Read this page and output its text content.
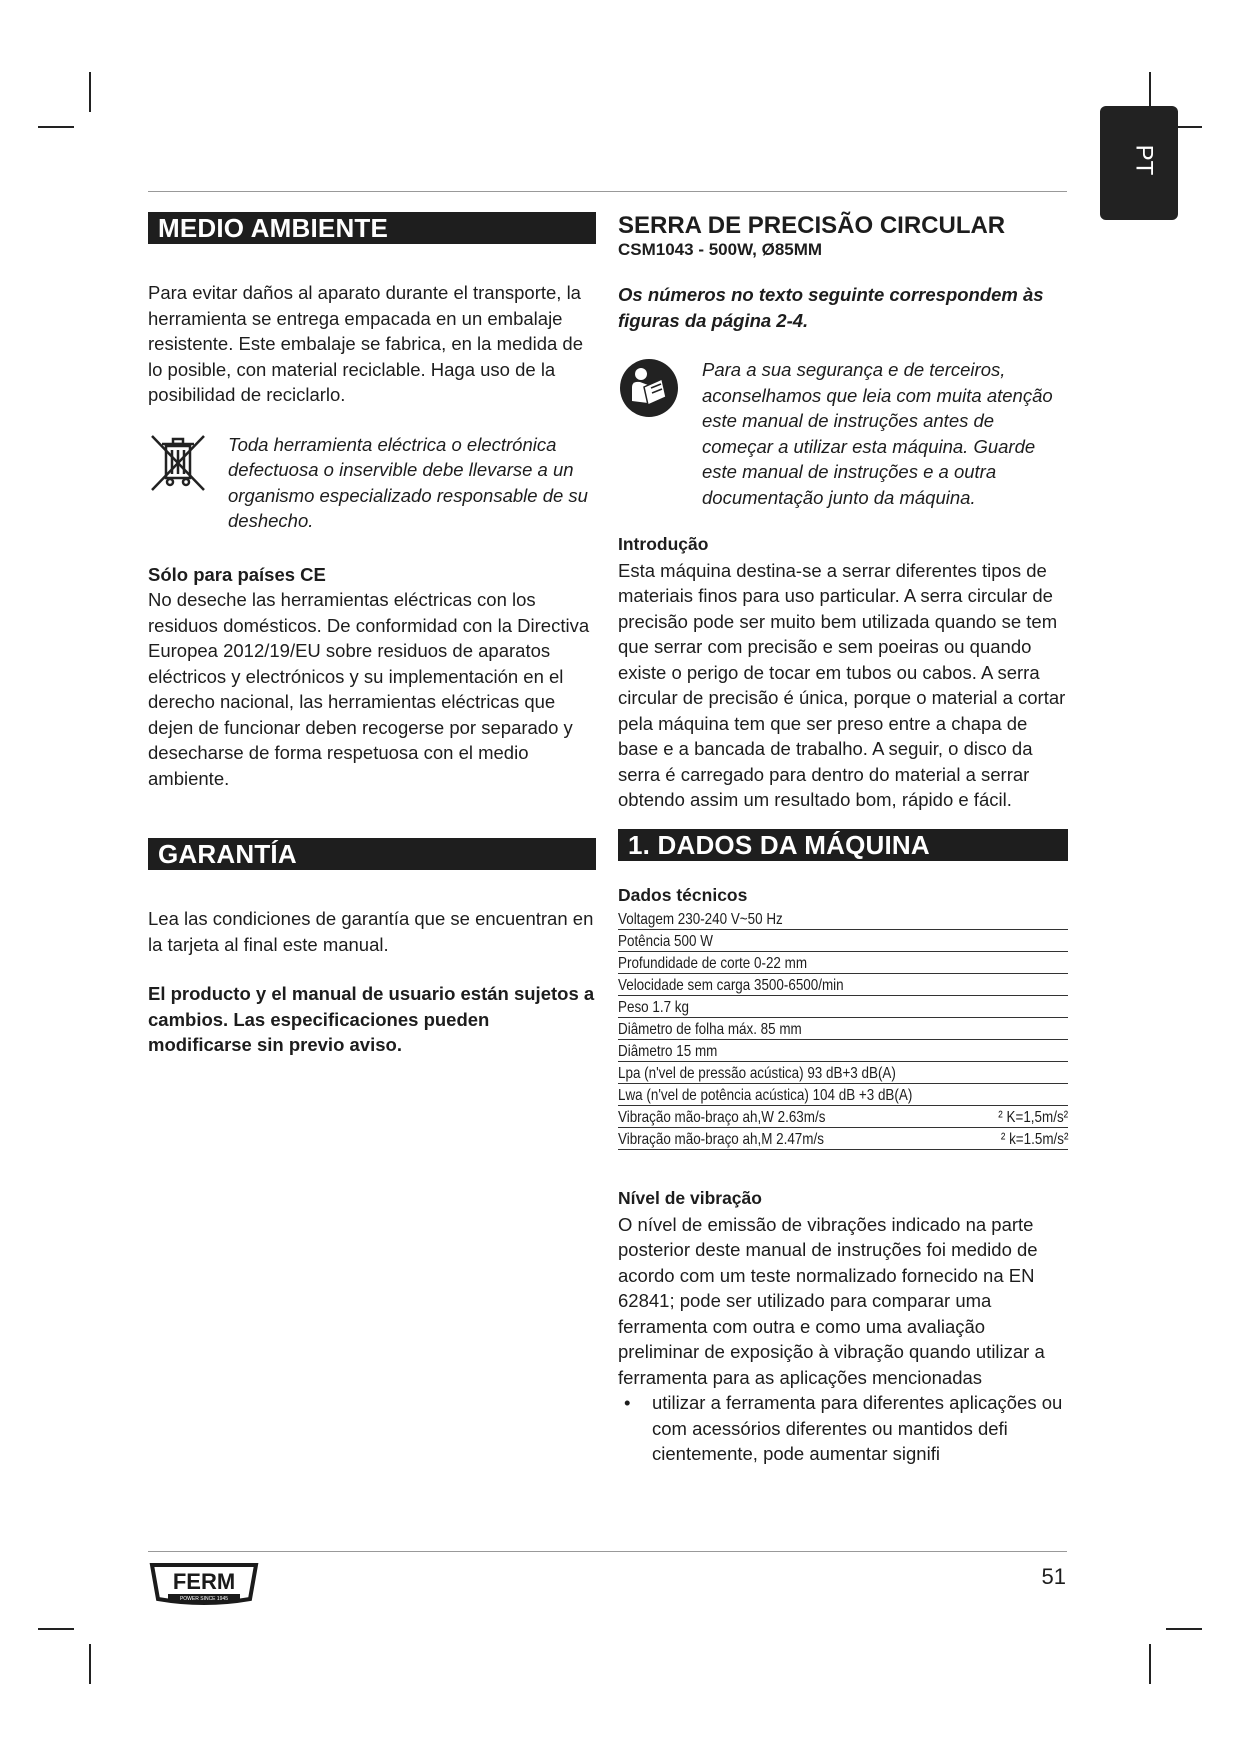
PT
MEDIO AMBIENTE

Para evitar daños al aparato durante el transporte, la herramienta se entrega empacada en un embalaje resistente. Este embalaje se fabrica, en la medida de lo posible, con material reciclable. Haga uso de la posibilidad de reciclarlo.

Toda herramienta eléctrica o electrónica defectuosa o inservible debe llevarse a un organismo especializado responsable de su deshecho.

Sólo para países CE

No deseche las herramientas eléctricas con los residuos domésticos. De conformidad con la Directiva Europea 2012/19/EU sobre residuos de aparatos eléctricos y electrónicos y su implementación en el derecho nacional, las herramientas eléctricas que dejen de funcionar deben recogerse por separado y desecharse de forma respetuosa con el medio ambiente.

GARANTÍA

Lea las condiciones de garantía que se encuentran en la tarjeta al final este manual.

El producto y el manual de usuario están sujetos a cambios. Las especificaciones pueden modificarse sin previo aviso.

SERRA DE PRECISÃO CIRCULAR

CSM1043 - 500W, Ø85MM

Os números no texto seguinte correspondem às figuras da página 2-4.

Para a sua segurança e de terceiros, aconselhamos que leia com muita atenção este manual de instruções antes de começar a utilizar esta máquina. Guarde este manual de instruções e a outra documentação junto da máquina.

Introdução

Esta máquina destina-se a serrar diferentes tipos de materiais finos para uso particular. A serra circular de precisão pode ser muito bem utilizada quando se tem que serrar com precisão e sem poeiras ou quando existe o perigo de tocar em tubos ou cabos. A serra circular de precisão é única, porque o material a cortar pela máquina tem que ser preso entre a chapa de base e a bancada de trabalho. A seguir, o disco da serra é carregado para dentro do material a serrar obtendo assim um resultado bom, rápido e fácil.

1. DADOS DA MÁQUINA

Dados técnicos

Voltagem 230-240 V~50 Hz	
Potência 500 W	
Profundidade de corte 0-22 mm	
Velocidade sem carga 3500-6500/min	
Peso 1.7 kg	
Diâmetro de folha máx. 85 mm	
Diâmetro 15 mm	
Lpa (n'vel de pressão acústica) 93 dB+3 dB(A)	
Lwa (n'vel de potência acústica) 104 dB +3 dB(A)	
Vibração mão-braço ah,W 2.63m/s	² K=1,5m/s²
Vibração mão-braço ah,M 2.47m/s	² k=1.5m/s²

Nível de vibração

O nível de emissão de vibrações indicado na parte posterior deste manual de instruções foi medido de acordo com um teste normalizado fornecido na EN 62841; pode ser utilizado para comparar uma ferramenta com outra e como uma avaliação preliminar de exposição à vibração quando utilizar a ferramenta para as aplicações mencionadas

• utilizar a ferramenta para diferentes aplicações ou com acessórios diferentes ou mantidos defi cientemente, pode aumentar signifi
FERM
POWER SINCE 1945
51
